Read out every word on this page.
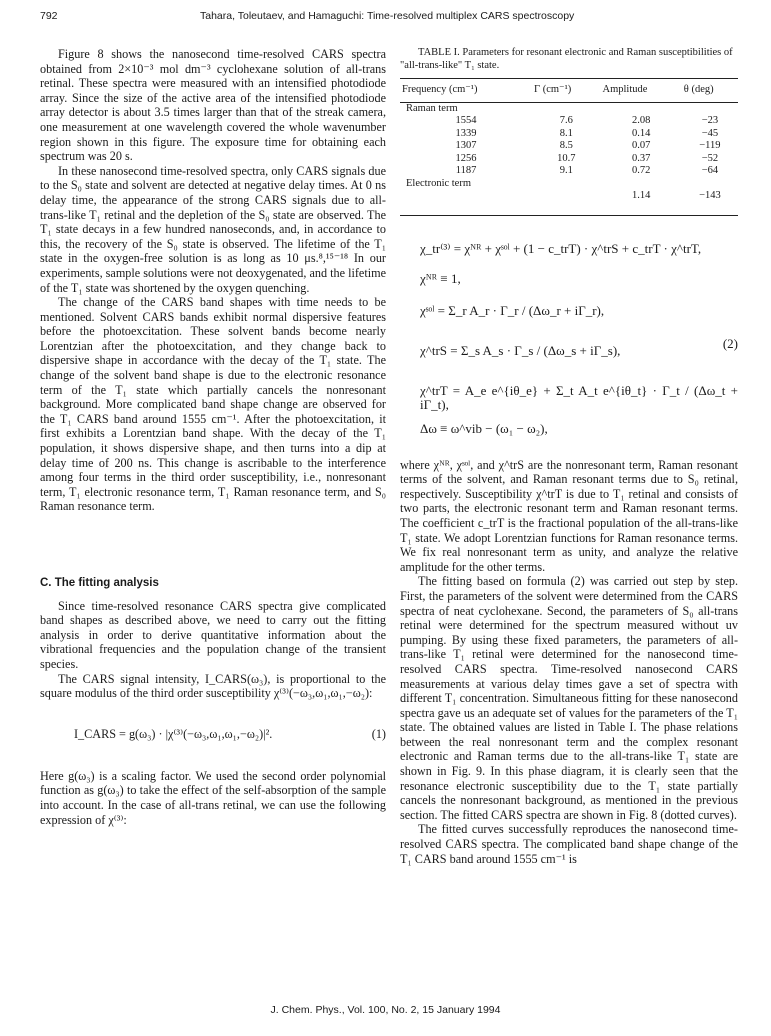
792	Tahara, Toleutaev, and Hamaguchi: Time-resolved multiplex CARS spectroscopy

Figure 8 shows the nanosecond time-resolved CARS spectra obtained from 2×10⁻³ mol dm⁻³ cyclohexane solution of all-trans retinal. These spectra were measured with an intensified photodiode array. Since the size of the active area of the intensified photodiode array detector is about 3.5 times larger than that of the streak camera, one measurement at one wavelength covered the whole wavenumber region shown in this figure. The exposure time for obtaining each spectrum was 20 s.

In these nanosecond time-resolved spectra, only CARS signals due to the S₀ state and solvent are detected at negative delay times. At 0 ns delay time, the appearance of the strong CARS signals due to all-trans-like T₁ retinal and the depletion of the S₀ state are observed. The T₁ state decays in a few hundred nanoseconds, and, in accordance to this, the recovery of the S₀ state is observed. The lifetime of the T₁ state in the oxygen-free solution is as long as 10 μs.⁸,¹⁵⁻¹⁸ In our experiments, sample solutions were not deoxygenated, and the lifetime of the T₁ state was shortened by the oxygen quenching.

The change of the CARS band shapes with time needs to be mentioned. Solvent CARS bands exhibit normal dispersive features before the photoexcitation. These solvent bands become nearly Lorentzian after the photoexcitation, and they change back to dispersive shape in accordance with the decay of the T₁ state. The change of the solvent band shape is due to the electronic resonance term of the T₁ state which partially cancels the nonresonant background. More complicated band shape change are observed for the T₁ CARS band around 1555 cm⁻¹. After the photoexcitation, it first exhibits a Lorentzian band shape. With the decay of the T₁ population, it shows dispersive shape, and then turns into a dip at delay time of 200 ns. This change is ascribable to the interference among four terms in the third order susceptibility, i.e., nonresonant term, T₁ electronic resonance term, T₁ Raman resonance term, and S₀ Raman resonance term.

C. The fitting analysis

Since time-resolved resonance CARS spectra give complicated band shapes as described above, we need to carry out the fitting analysis in order to derive quantitative information about the vibrational frequencies and the population change of the transient species.

The CARS signal intensity, I_CARS(ω₃), is proportional to the square modulus of the third order susceptibility χ⁽³⁾(−ω₃,ω₁,ω₁,−ω₂):

I_CARS = g(ω₃) · |χ⁽³⁾(−ω₃,ω₁,ω₁,−ω₂)|².	(1)

Here g(ω₃) is a scaling factor. We used the second order polynomial function as g(ω₃) to take the effect of the self-absorption of the sample into account. In the case of all-trans retinal, we can use the following expression of χ⁽³⁾:

TABLE I. Parameters for resonant electronic and Raman susceptibilities of "all-trans-like" T₁ state.

Frequency (cm⁻¹)	Γ (cm⁻¹)	Amplitude	θ (deg)
Raman term			
1554	7.6	2.08	−23
1339	8.1	0.14	−45
1307	8.5	0.07	−119
1256	10.7	0.37	−52
1187	9.1	0.72	−64
Electronic term			
		1.14	−143
χ_tr⁽³⁾ = χᴺᴿ + χˢᵒˡ + (1 − c_trT) · χ^trS + c_trT · χ^trT,
χᴺᴿ ≡ 1,
χˢᵒˡ = Σ_r A_r · Γ_r / (Δω_r + iΓ_r),
χ^trS = Σ_s A_s · Γ_s / (Δω_s + iΓ_s),
χ^trT = A_e e^{iθ_e} + Σ_t A_t e^{iθ_t} · Γ_t / (Δω_t + iΓ_t),
Δω ≡ ω^vib − (ω₁ − ω₂),
(2)

where χᴺᴿ, χˢᵒˡ, and χ^trS are the nonresonant term, Raman resonant terms of the solvent, and Raman resonant terms due to S₀ retinal, respectively. Susceptibility χ^trT is due to T₁ retinal and consists of two parts, the electronic resonant term and Raman resonant terms. The coefficient c_trT is the fractional population of the all-trans-like T₁ state. We adopt Lorentzian functions for Raman resonance terms. We fix real nonresonant term as unity, and analyze the relative amplitude for the other terms.

The fitting based on formula (2) was carried out step by step. First, the parameters of the solvent were determined from the CARS spectra of neat cyclohexane. Second, the parameters of S₀ all-trans retinal were determined for the spectrum measured without uv pumping. By using these fixed parameters, the parameters of all-trans-like T₁ retinal were determined for the nanosecond time-resolved CARS spectra. Time-resolved nanosecond CARS measurements at various delay times gave a set of spectra with different T₁ concentration. Simultaneous fitting for these nanosecond spectra gave us an adequate set of values for the parameters of the T₁ state. The obtained values are listed in Table I. The phase relations between the real nonresonant term and the complex resonant electronic and Raman terms due to the all-trans-like T₁ state are shown in Fig. 9. In this phase diagram, it is clearly seen that the resonance electronic susceptibility due to the T₁ state partially cancels the nonresonant background, as mentioned in the previous section. The fitted CARS spectra are shown in Fig. 8 (dotted curves).

The fitted curves successfully reproduces the nanosecond time-resolved CARS spectra. The complicated band shape change of the T₁ CARS band around 1555 cm⁻¹ is

J. Chem. Phys., Vol. 100, No. 2, 15 January 1994
